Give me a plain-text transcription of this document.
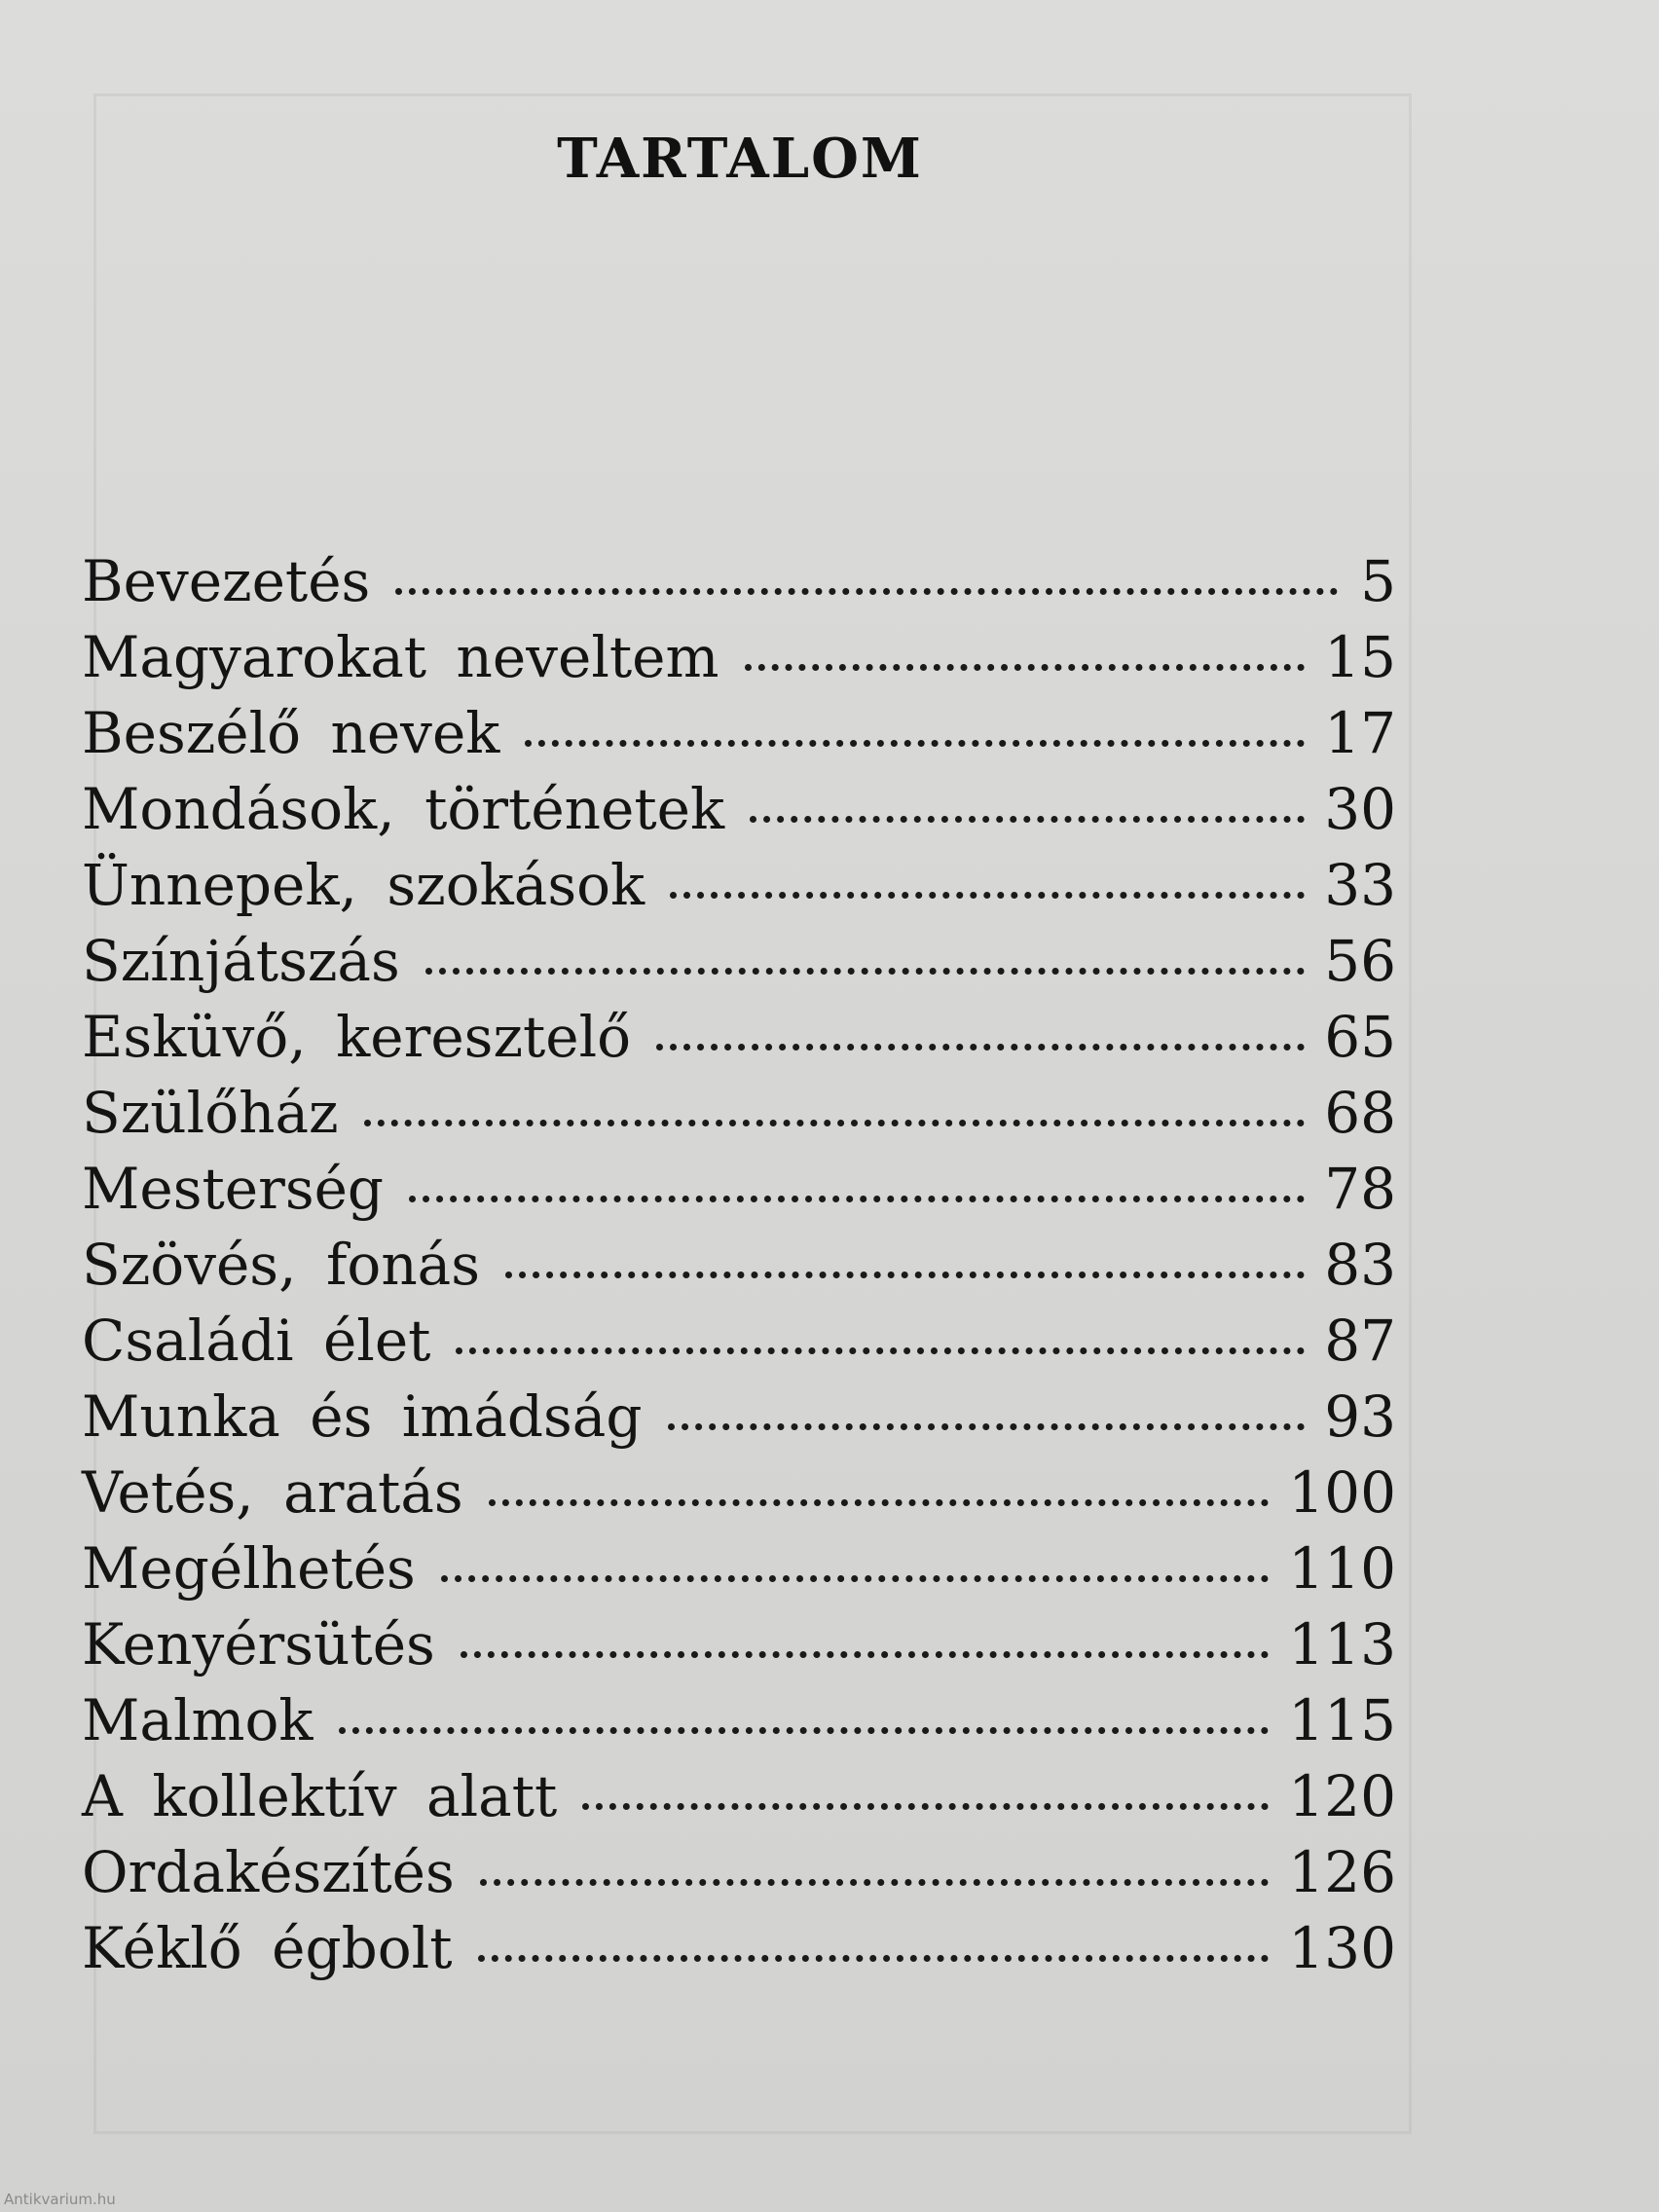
TARTALOM
Bevezetés	5
Magyarokat neveltem	15
Beszélő nevek	17
Mondások, történetek	30
Ünnepek, szokások	33
Színjátszás	56
Esküvő, keresztelő	65
Szülőház	68
Mesterség	78
Szövés, fonás	83
Családi élet	87
Munka és imádság	93
Vetés, aratás	100
Megélhetés	110
Kenyérsütés	113
Malmok	115
A kollektív alatt	120
Ordakészítés	126
Kéklő égbolt	130
Antikvarium.hu
